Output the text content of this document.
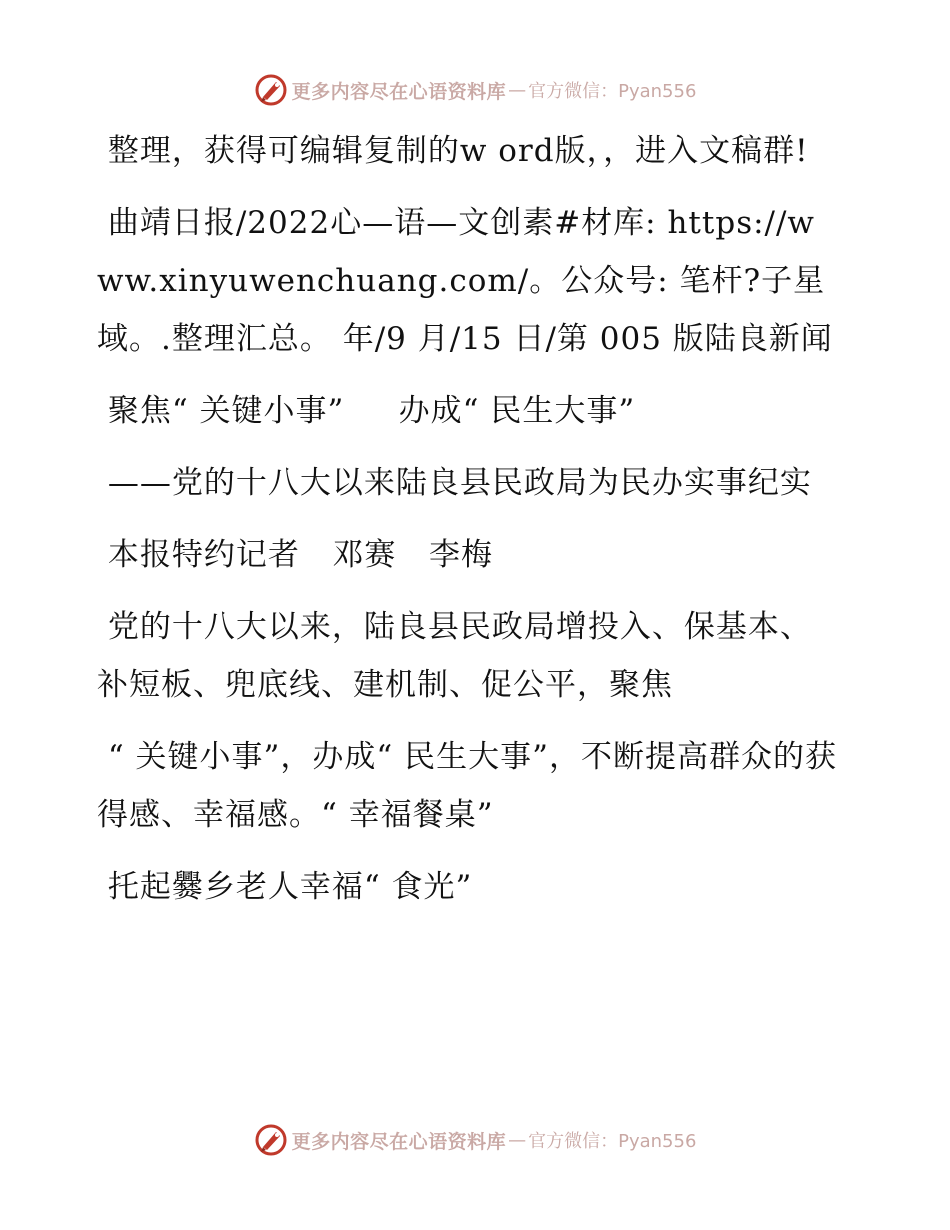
更多内容尽在心语资料库 — 官方微信：Pyan556

整理，获得可编辑复制的w ord版，，进入文稿群!

曲靖日报/2022心—语—文创素#材库: https://www.xinyuwenchuang.com/。公众号: 笔杆?子星域。.整理汇总。 年/9 月/15 日/第 005 版陆良新闻

聚焦“ 关键小事”     办成“ 民生大事”

——党的十八大以来陆良县民政局为民办实事纪实

本报特约记者   邓赛   李梅

党的十八大以来，陆良县民政局增投入、保基本、补短板、兜底线、建机制、促公平，聚焦

“ 关键小事”，办成“ 民生大事”，不断提高群众的获得感、幸福感。“ 幸福餐桌”

托起爨乡老人幸福“ 食光”

更多内容尽在心语资料库 — 官方微信：Pyan556
